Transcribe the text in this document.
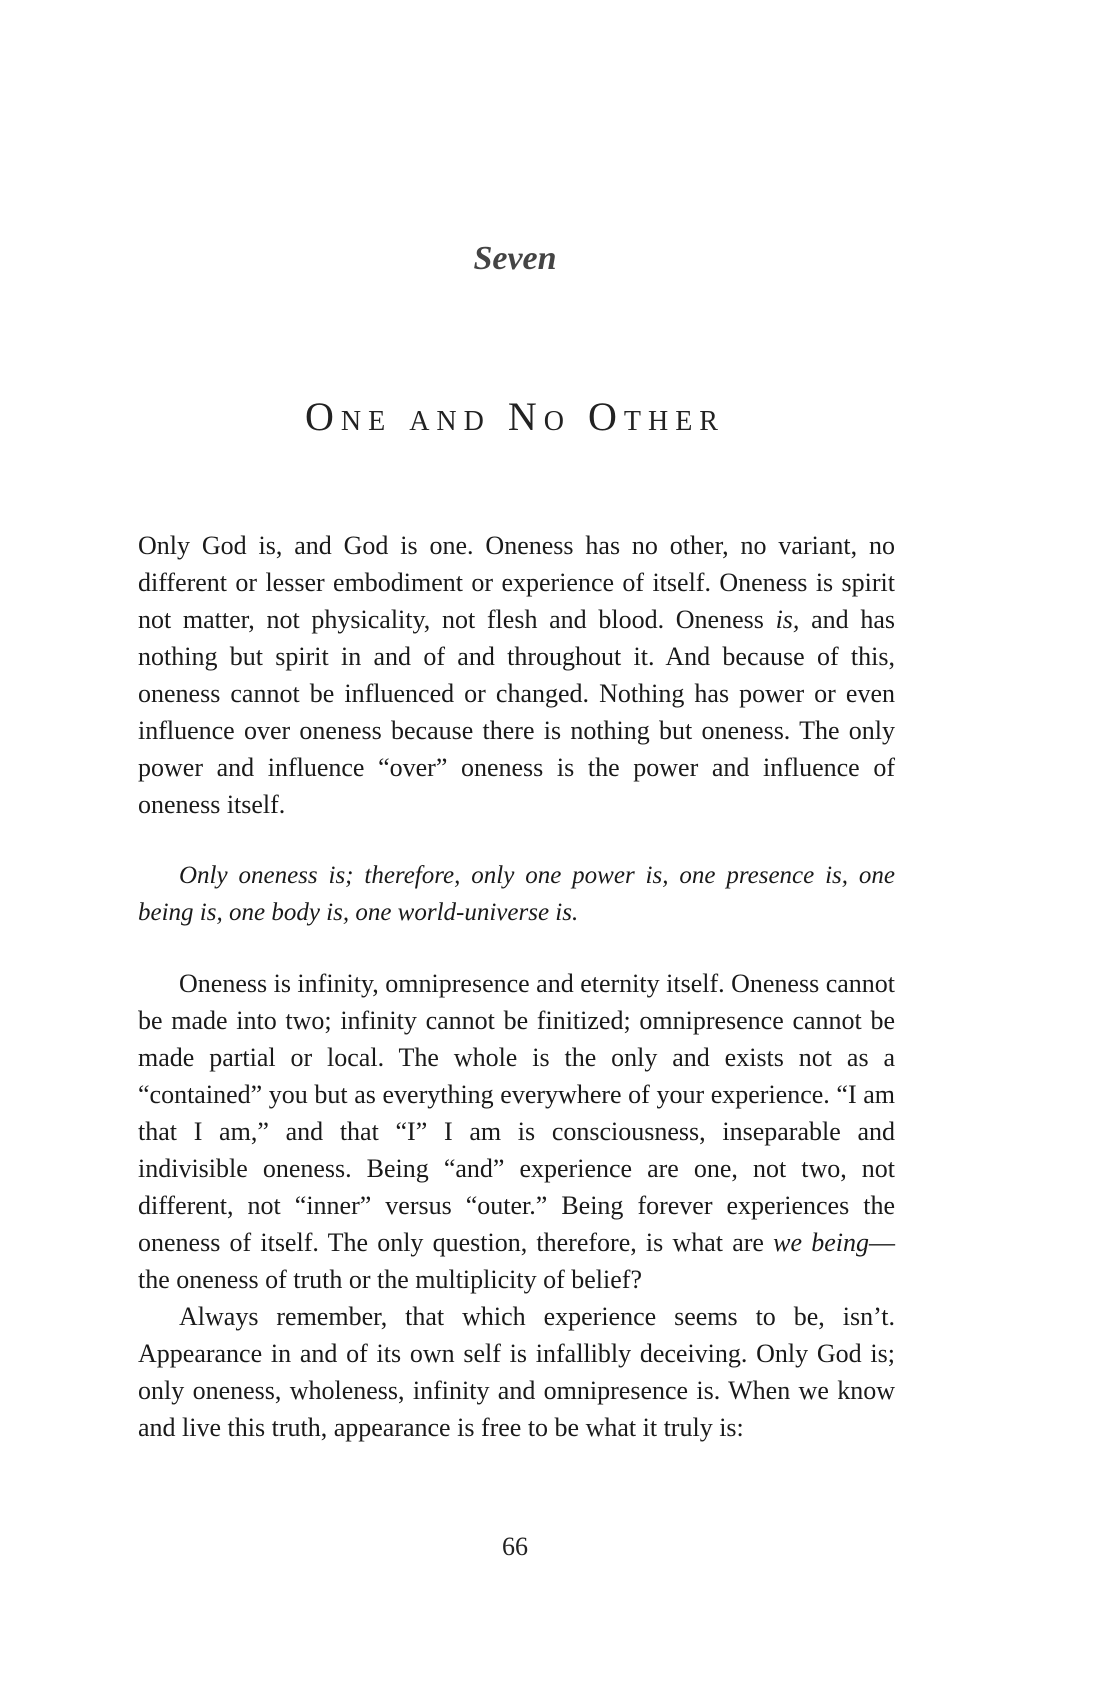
Seven
One and No Other

Only God is, and God is one. Oneness has no other, no variant, no different or lesser embodiment or experience of itself. Oneness is spirit not matter, not physicality, not flesh and blood. Oneness is, and has nothing but spirit in and of and throughout it. And because of this, oneness cannot be influenced or changed. Nothing has power or even influence over oneness because there is nothing but oneness. The only power and influence “over” oneness is the power and influence of oneness itself.

Only oneness is; therefore, only one power is, one presence is, one being is, one body is, one world-universe is.

Oneness is infinity, omnipresence and eternity itself. Oneness cannot be made into two; infinity cannot be finitized; omnipresence cannot be made partial or local. The whole is the only and exists not as a “contained” you but as everything everywhere of your experience. “I am that I am,” and that “I” I am is consciousness, inseparable and indivisible oneness. Being “and” experience are one, not two, not different, not “inner” versus “outer.” Being forever experiences the oneness of itself. The only question, therefore, is what are we being—the oneness of truth or the multiplicity of belief?

Always remember, that which experience seems to be, isn’t. Appearance in and of its own self is infallibly deceiving. Only God is; only oneness, wholeness, infinity and omnipresence is. When we know and live this truth, appearance is free to be what it truly is:

66
